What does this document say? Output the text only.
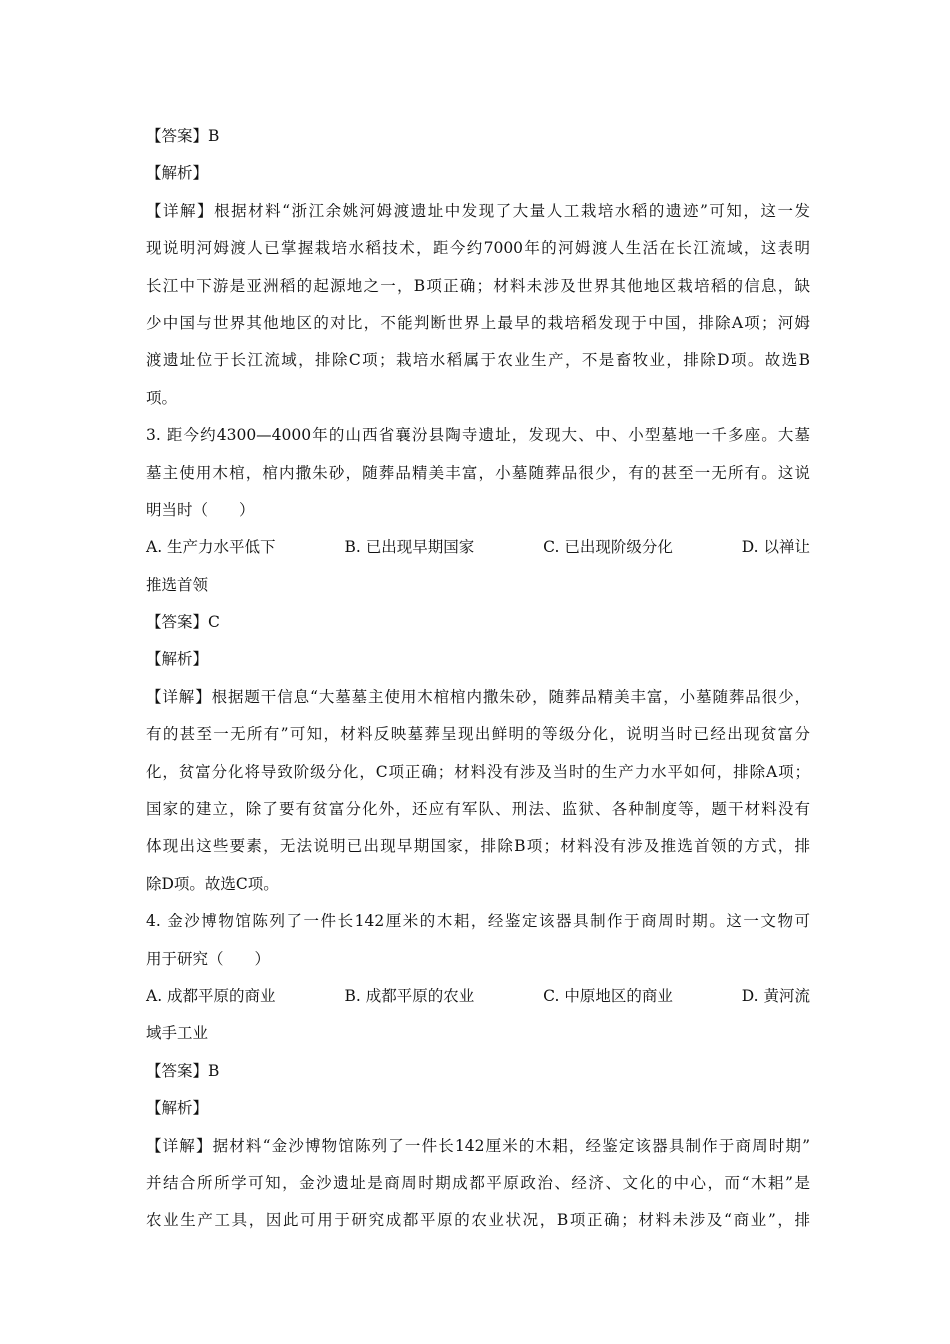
【答案】B
【解析】
【详解】根据材料“浙江余姚河姆渡遗址中发现了大量人工栽培水稻的遗迹”可知，这一发
现说明河姆渡人已掌握栽培水稻技术，距今约7000年的河姆渡人生活在长江流域，这表明
长江中下游是亚洲稻的起源地之一，B项正确；材料未涉及世界其他地区栽培稻的信息，缺
少中国与世界其他地区的对比，不能判断世界上最早的栽培稻发现于中国，排除A项；河姆
渡遗址位于长江流域，排除C项；栽培水稻属于农业生产，不是畜牧业，排除D项。故选B
项。
3. 距今约4300—4000年的山西省襄汾县陶寺遗址，发现大、中、小型墓地一千多座。大墓
墓主使用木棺，棺内撒朱砂，随葬品精美丰富，小墓随葬品很少，有的甚至一无所有。这说
明当时（　　）
A. 生产力水平低下	B. 已出现早期国家	C. 已出现阶级分化	D. 以禅让
推选首领
【答案】C
【解析】
【详解】根据题干信息“大墓墓主使用木棺棺内撒朱砂，随葬品精美丰富，小墓随葬品很少，
有的甚至一无所有”可知，材料反映墓葬呈现出鲜明的等级分化，说明当时已经出现贫富分
化，贫富分化将导致阶级分化，C项正确；材料没有涉及当时的生产力水平如何，排除A项；
国家的建立，除了要有贫富分化外，还应有军队、刑法、监狱、各种制度等，题干材料没有
体现出这些要素，无法说明已出现早期国家，排除B项；材料没有涉及推选首领的方式，排
除D项。故选C项。
4. 金沙博物馆陈列了一件长142厘米的木耜，经鉴定该器具制作于商周时期。这一文物可
用于研究（　　）
A. 成都平原的商业	B. 成都平原的农业	C. 中原地区的商业	D. 黄河流
域手工业
【答案】B
【解析】
【详解】据材料“金沙博物馆陈列了一件长142厘米的木耜，经鉴定该器具制作于商周时期”
并结合所所学可知，金沙遗址是商周时期成都平原政治、经济、文化的中心，而“木耜”是
农业生产工具，因此可用于研究成都平原的农业状况，B项正确；材料未涉及“商业”，排
